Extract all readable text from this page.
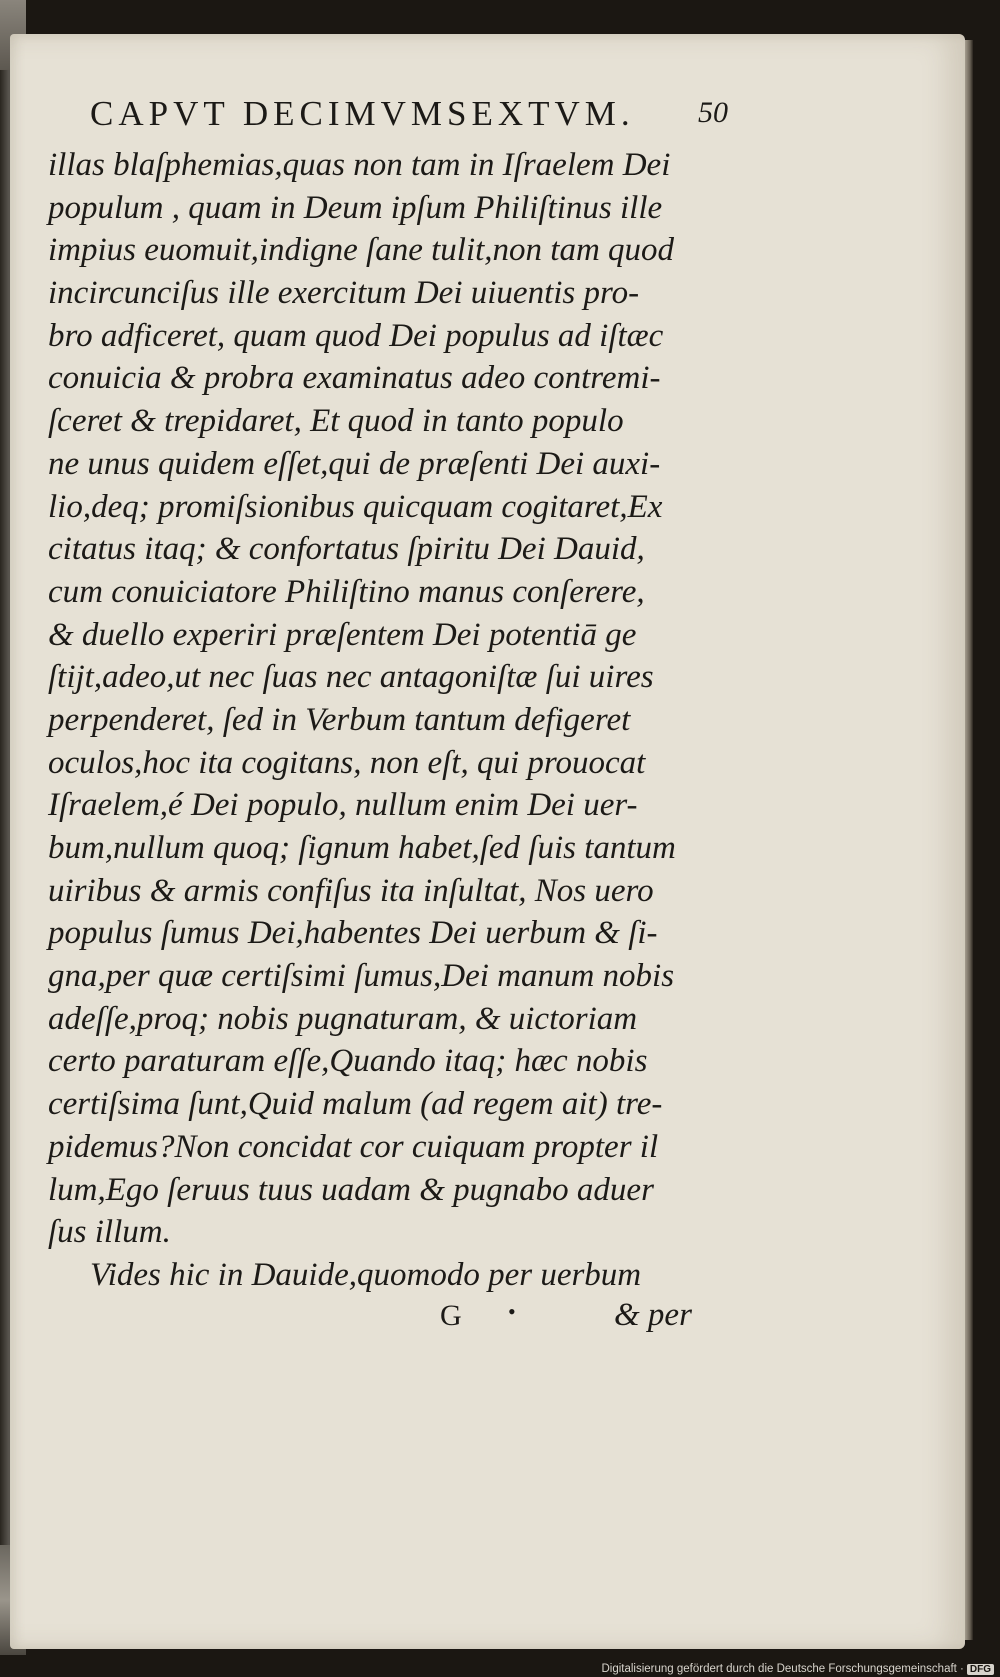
CAPVT DECIMVMSEXTVM. 50
illas blaſphemias,quas non tam in Iſraelem Dei
populum , quam in Deum ipſum Philiſtinus ille
impius euomuit,indigne ſane tulit,non tam quod
incircunciſus ille exercitum Dei uiuentis pro-
bro adficeret, quam quod Dei populus ad iſtæc
conuicia & probra examinatus adeo contremi-
ſceret & trepidaret, Et quod in tanto populo
ne unus quidem eſſet,qui de præſenti Dei auxi-
lio,deq; promiſsionibus quicquam cogitaret,Ex
citatus itaq; & confortatus ſpiritu Dei Dauid,
cum conuiciatore Philiſtino manus conſerere,
& duello experiri præſentem Dei potentiā ge
ſtijt,adeo,ut nec ſuas nec antagoniſtæ ſui uires
perpenderet, ſed in Verbum tantum defigeret
oculos,hoc ita cogitans, non eſt, qui prouocat
Iſraelem,é Dei populo, nullum enim Dei uer-
bum,nullum quoq; ſignum habet,ſed ſuis tantum
uiribus & armis confiſus ita inſultat, Nos uero
populus ſumus Dei,habentes Dei uerbum & ſi-
gna,per quæ certiſsimi ſumus,Dei manum nobis
adeſſe,proq; nobis pugnaturam, & uictoriam
certo paraturam eſſe,Quando itaq; hæc nobis
certiſsima ſunt,Quid malum (ad regem ait) tre-
pidemus?Non concidat cor cuiquam propter il
lum,Ego ſeruus tuus uadam & pugnabo aduer
ſus illum.
Vides hic in Dauide,quomodo per uerbum
G •	& per
Digitalisierung gefördert durch die Deutsche Forschungsgemeinschaft · DFG
